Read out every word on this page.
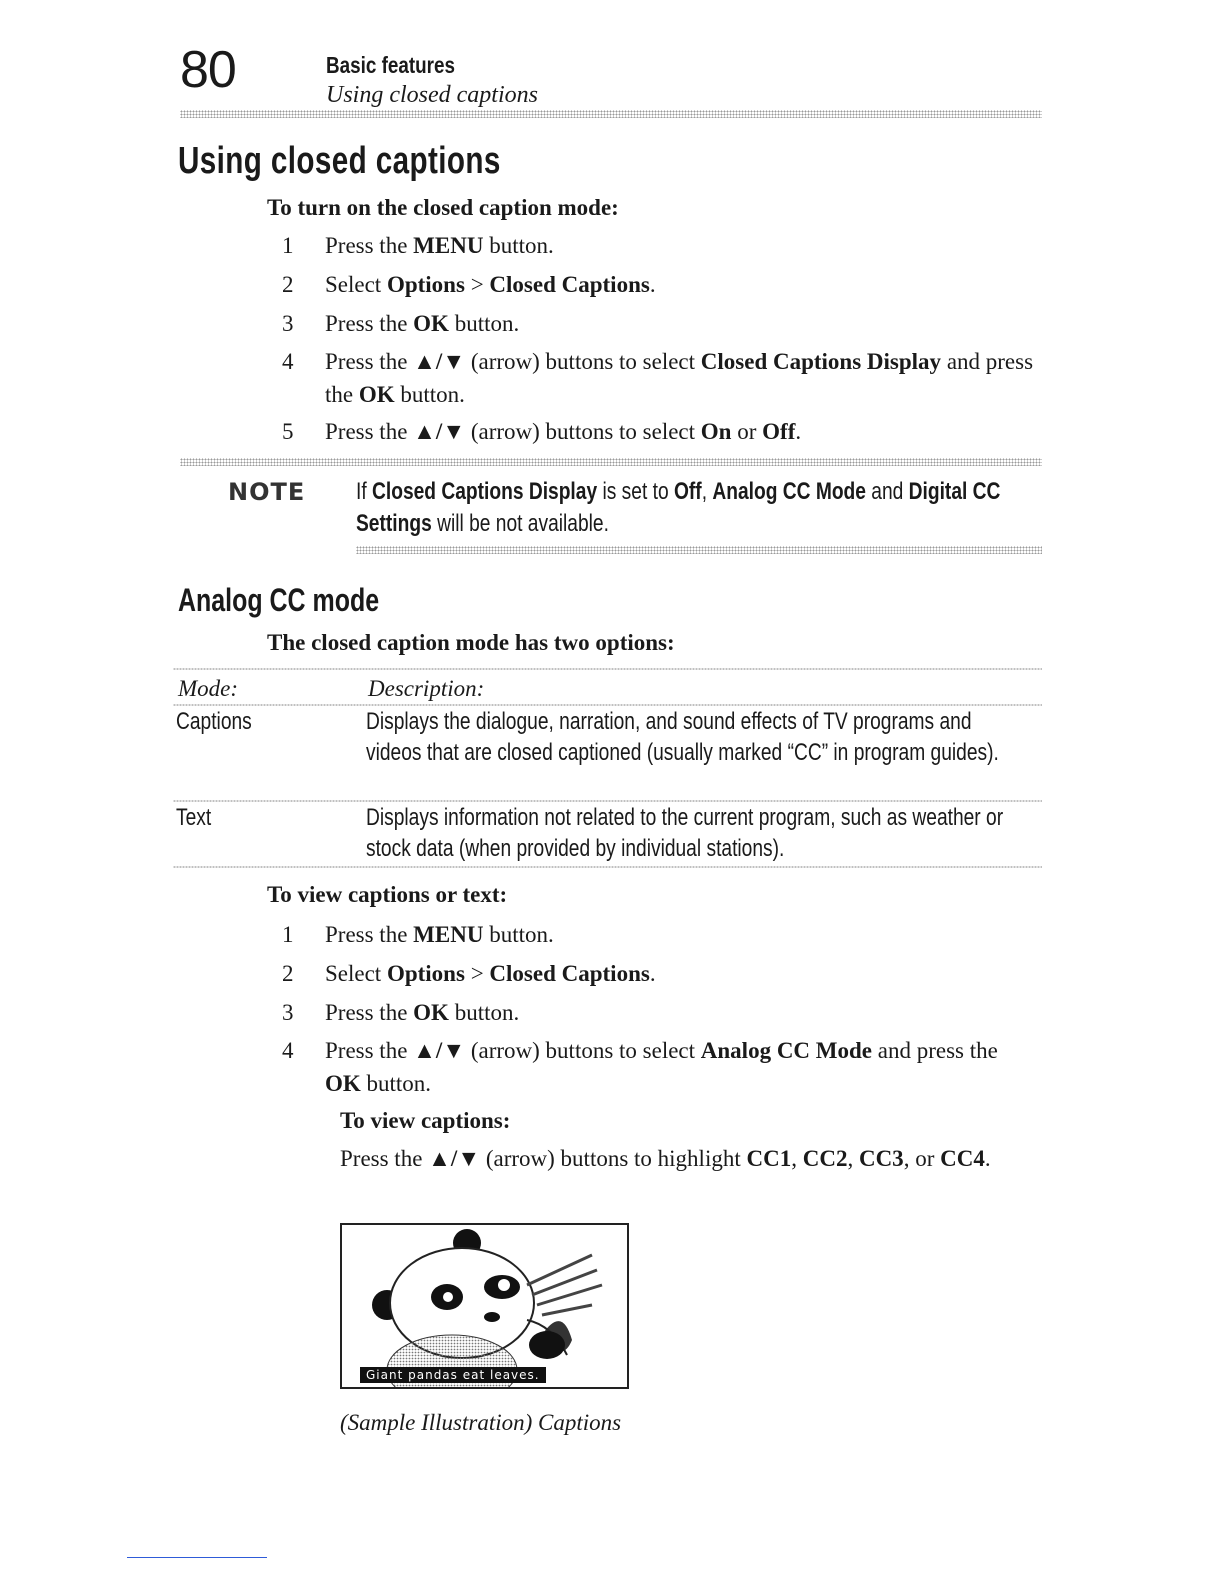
80	Basic features
Using closed captions
Using closed captions
To turn on the closed caption mode:
1	Press the MENU button.
2	Select Options > Closed Captions.
3	Press the OK button.
4	Press the ▲/▼ (arrow) buttons to select Closed Captions Display and press the OK button.
5	Press the ▲/▼ (arrow) buttons to select On or Off.
NOTE If Closed Captions Display is set to Off, Analog CC Mode and Digital CC Settings will be not available.
Analog CC mode
The closed caption mode has two options:
Mode:	Description:
Captions	Displays the dialogue, narration, and sound effects of TV programs and videos that are closed captioned (usually marked “CC” in program guides).
Text	Displays information not related to the current program, such as weather or stock data (when provided by individual stations).
To view captions or text:
1	Press the MENU button.
2	Select Options > Closed Captions.
3	Press the OK button.
4	Press the ▲/▼ (arrow) buttons to select Analog CC Mode and press the OK button.
To view captions:
Press the ▲/▼ (arrow) buttons to highlight CC1, CC2, CC3, or CC4.
Giant pandas eat leaves.
(Sample Illustration) Captions
